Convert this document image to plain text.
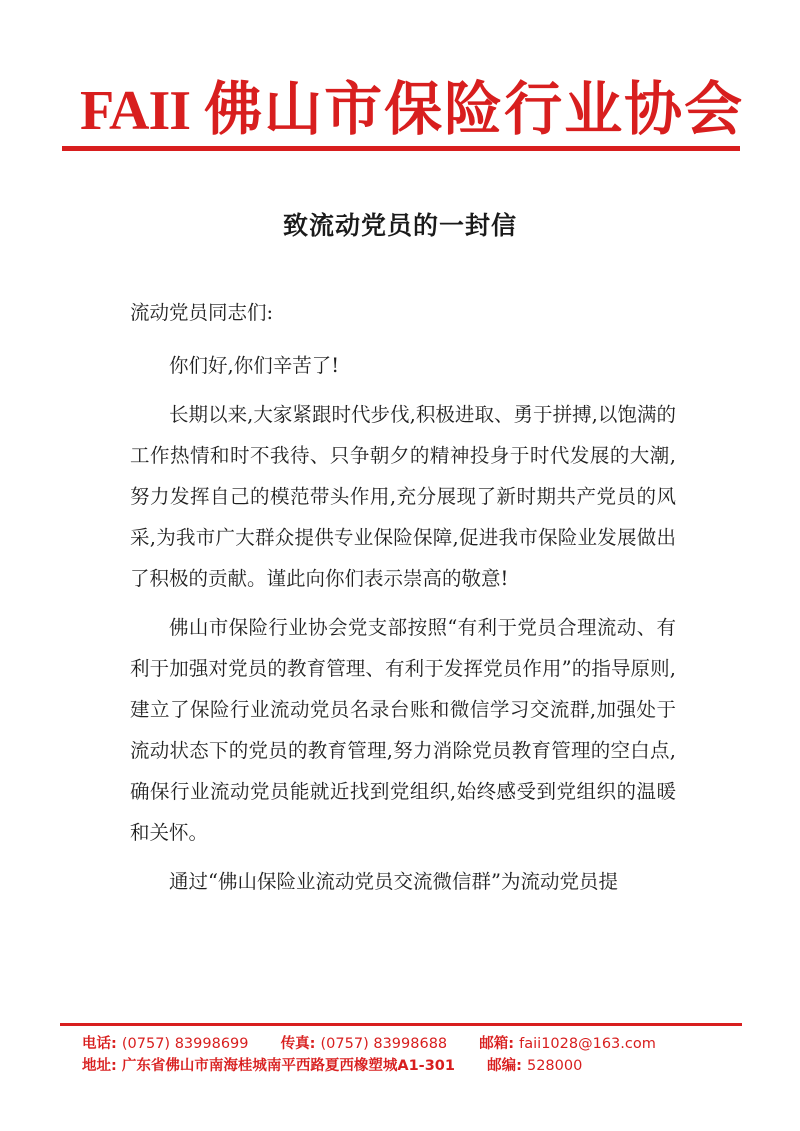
FAII 佛山市保险行业协会
致流动党员的一封信

流动党员同志们:

你们好,你们辛苦了!

长期以来,大家紧跟时代步伐,积极进取、勇于拼搏,以饱满的工作热情和时不我待、只争朝夕的精神投身于时代发展的大潮,努力发挥自己的模范带头作用,充分展现了新时期共产党员的风采,为我市广大群众提供专业保险保障,促进我市保险业发展做出了积极的贡献。谨此向你们表示崇高的敬意!

佛山市保险行业协会党支部按照“有利于党员合理流动、有利于加强对党员的教育管理、有利于发挥党员作用”的指导原则,建立了保险行业流动党员名录台账和微信学习交流群,加强处于流动状态下的党员的教育管理,努力消除党员教育管理的空白点,确保行业流动党员能就近找到党组织,始终感受到党组织的温暖和关怀。

通过“佛山保险业流动党员交流微信群”为流动党员提

电话: (0757) 83998699 传真: (0757) 83998688 邮箱: faii1028@163.com
地址: 广东省佛山市南海桂城南平西路夏西橡塑城A1-301 邮编: 528000
